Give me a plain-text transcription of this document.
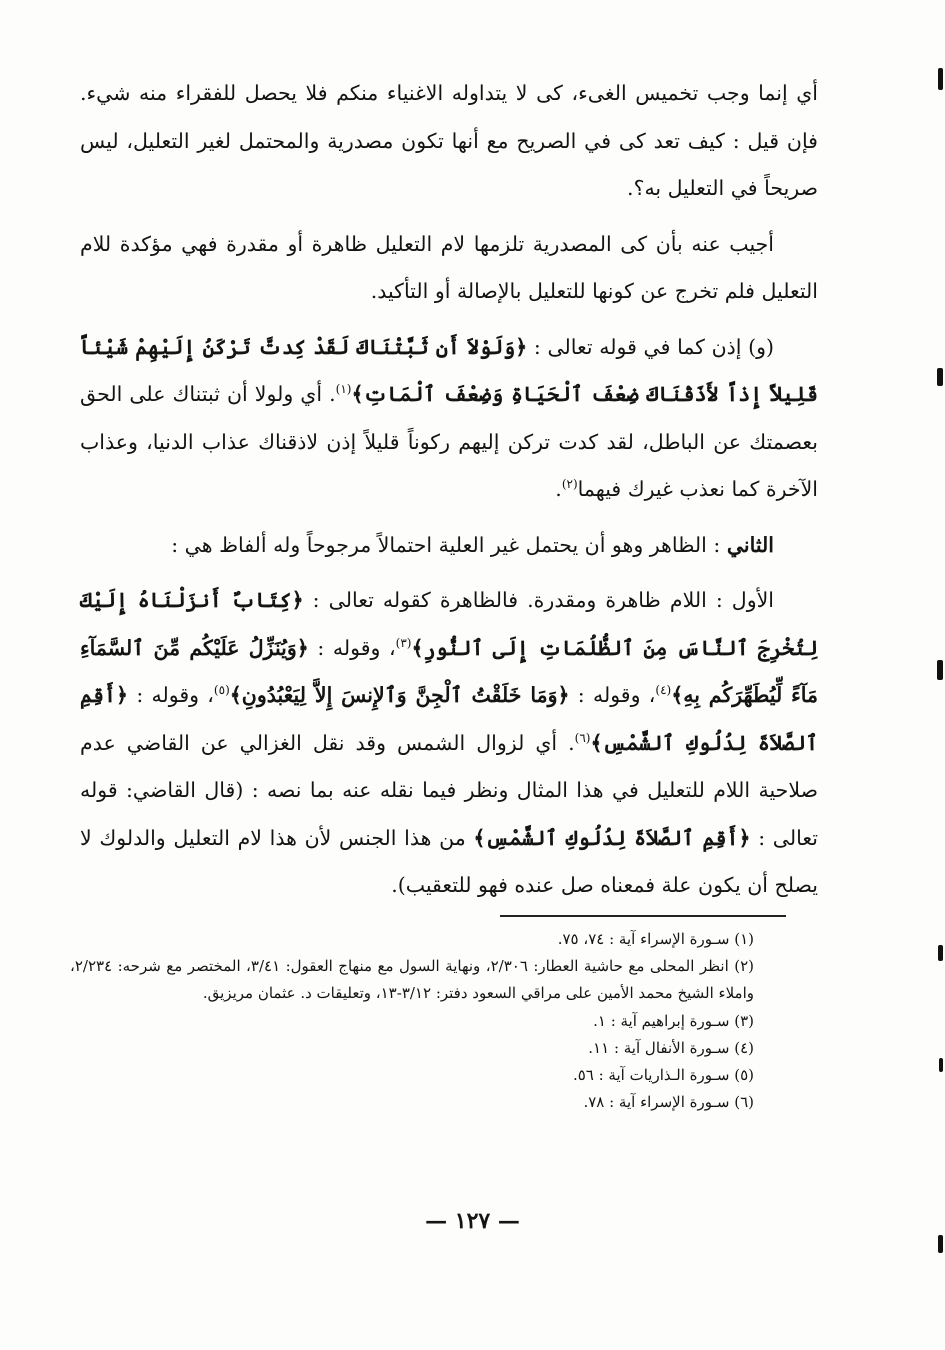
أي إنما وجب تخميس الغىء، كى لا يتداوله الاغنياء منكم فلا يحصل للفقراء منه شيء. فإن قيل : كيف تعد كى في الصريح مع أنها تكون مصدرية والمحتمل لغير التعليل، ليس صريحاً في التعليل به؟.

أجيب عنه بأن كى المصدرية تلزمها لام التعليل ظاهرة أو مقدرة فهي مؤكدة للام التعليل فلم تخرج عن كونها للتعليل بالإصالة أو التأكيد.

(و) إذن كما في قوله تعالى : ﴿وَلَوْلاَ أَن ثَبَّتْنَاكَ لَقَدْ كِدتَّ تَرْكَنُ إِلَيْهِمْ شَيْئاً قَلِيلاً إِذاً لأَذَقْنَاكَ ضِعْفَ ٱلْحَيَاةِ وَضِعْفَ ٱلْمَاتِ﴾$^{(١)}$. أي ولولا أن ثبتناك على الحق بعصمتك عن الباطل، لقد كدت تركن إليهم ركوناً قليلاً إذن لاذقناك عذاب الدنيا، وعذاب الآخرة كما نعذب غيرك فيهما$^{(٢)}$.

الثاني : الظاهر وهو أن يحتمل غير العلية احتمالاً مرجوحاً وله ألفاظ هي :

الأول : اللام ظاهرة ومقدرة. فالظاهرة كقوله تعالى : ﴿كِتَابٌ أَنزَلْنَاهُ إِلَيْكَ لِتُخْرِجَ ٱلنَّاسَ مِنَ ٱلظُّلُمَاتِ إِلَى ٱلنُّورِ﴾$^{(٣)}$، وقوله : ﴿وَيُنَزِّلُ عَلَيْكُم مِّنَ ٱلسَّمَآءِ مَآءً لِّيُطَهِّرَكُم بِهِ﴾$^{(٤)}$، وقوله : ﴿وَمَا خَلَقْتُ ٱلْجِنَّ وَٱلإِنسَ إِلاَّ لِيَعْبُدُونِ﴾$^{(٥)}$، وقوله : ﴿أَقِمِ ٱلصَّلاَةَ لِدُلُوكِ ٱلشَّمْسِ﴾$^{(٦)}$. أي لزوال الشمس وقد نقل الغزالي عن القاضي عدم صلاحية اللام للتعليل في هذا المثال ونظر فيما نقله عنه بما نصه : (قال القاضي: قوله تعالى : ﴿أَقِمِ ٱلصَّلاَةَ لِدُلُوكِ ٱلشَّمْسِ﴾ من هذا الجنس لأن هذا لام التعليل والدلوك لا يصلح أن يكون علة فمعناه صل عنده فهو للتعقيب).

(١) سـورة الإسراء آية : ٧٤، ٧٥.
(٢) انظر المحلى مع حاشية العطار: ٢/٣٠٦، ونهاية السول مع منهاج العقول: ٣/٤١، المختصر مع شرحه: ٢/٢٣٤، واملاء الشيخ محمد الأمين على مراقي السعود دفتر: ٣/١٢-١٣، وتعليقات د. عثمان مريزيق.
(٣) سـورة إبراهيم آية : ١.
(٤) سـورة الأنفال آية : ١١.
(٥) سـورة الـذاريات آية : ٥٦.
(٦) سـورة الإسراء آية : ٧٨.
— ١٢٧ —
